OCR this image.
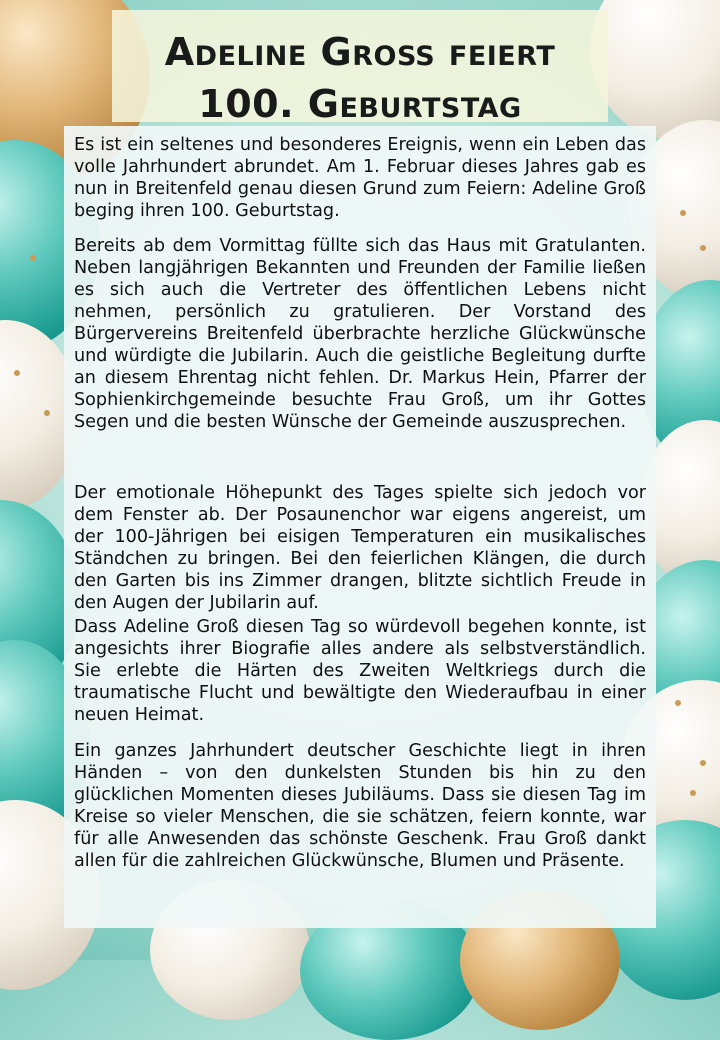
Adeline Groß feiert
100. Geburtstag

Es ist ein seltenes und besonderes Ereignis, wenn ein Leben das volle Jahrhundert abrundet. Am 1. Februar dieses Jahres gab es nun in Breitenfeld genau diesen Grund zum Feiern: Adeline Groß beging ihren 100. Geburtstag.

Bereits ab dem Vormittag füllte sich das Haus mit Gratulanten. Neben langjährigen Bekannten und Freunden der Familie ließen es sich auch die Vertreter des öffentlichen Lebens nicht nehmen, persönlich zu gratulieren. Der Vorstand des Bürgervereins Breitenfeld überbrachte herzliche Glückwünsche und würdigte die Jubilarin. Auch die geistliche Begleitung durfte an diesem Ehrentag nicht fehlen. Dr. Markus Hein, Pfarrer der Sophienkirchgemeinde besuchte Frau Groß, um ihr Gottes Segen und die besten Wünsche der Gemeinde auszusprechen.

Der emotionale Höhepunkt des Tages spielte sich jedoch vor dem Fenster ab. Der Posaunenchor war eigens angereist, um der 100-Jährigen bei eisigen Temperaturen ein musikalisches Ständchen zu bringen. Bei den feierlichen Klängen, die durch den Garten bis ins Zimmer drangen, blitzte sichtlich Freude in den Augen der Jubilarin auf.

Dass Adeline Groß diesen Tag so würdevoll begehen konnte, ist angesichts ihrer Biografie alles andere als selbstverständlich. Sie erlebte die Härten des Zweiten Weltkriegs durch die traumatische Flucht und bewältigte den Wiederaufbau in einer neuen Heimat.

Ein ganzes Jahrhundert deutscher Geschichte liegt in ihren Händen – von den dunkelsten Stunden bis hin zu den glücklichen Momenten dieses Jubiläums. Dass sie diesen Tag im Kreise so vieler Menschen, die sie schätzen, feiern konnte, war für alle Anwesenden das schönste Geschenk. Frau Groß dankt allen für die zahlreichen Glückwünsche, Blumen und Präsente.
